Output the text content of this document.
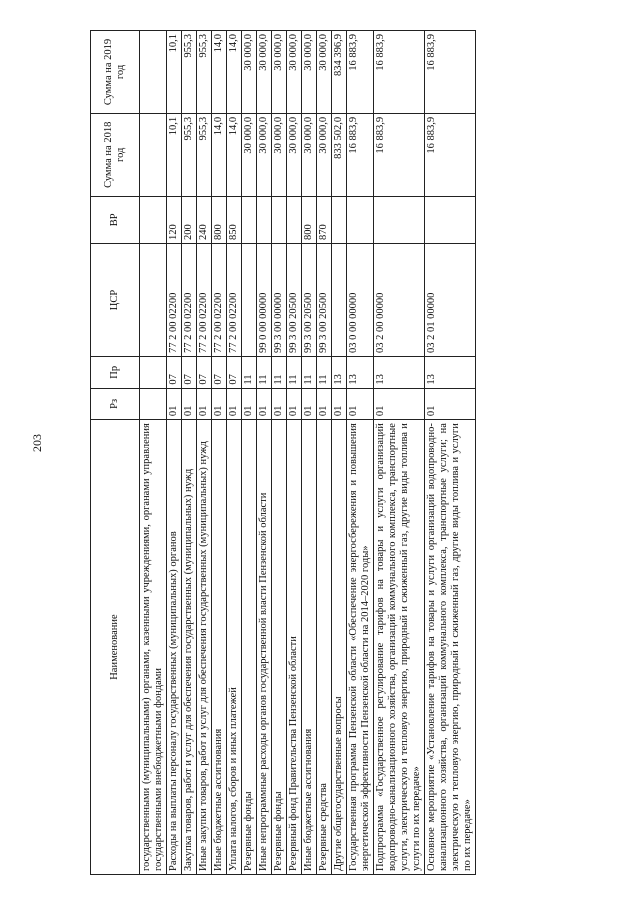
203
Наименование	Рз	Пр	ЦСР	ВР	Сумма на 2018 год	Сумма на 2019 год
государственными (муниципальными) органами, казенными учреждениями, органами управления государственными внебюджетными фондами						
Расходы на выплаты персоналу государственных (муниципальных) органов	01	07	77 2 00 02200	120	10,1	10,1
Закупка товаров, работ и услуг для обеспечения государственных (муниципальных) нужд	01	07	77 2 00 02200	200	955,3	955,3
Иные закупки товаров, работ и услуг для обеспечения государственных (муниципальных) нужд	01	07	77 2 00 02200	240	955,3	955,3
Иные бюджетные ассигнования	01	07	77 2 00 02200	800	14,0	14,0
Уплата налогов, сборов и иных платежей	01	07	77 2 00 02200	850	14,0	14,0
Резервные фонды	01	11			30 000,0	30 000,0
Иные непрограммные расходы органов государственной власти Пензенской области	01	11	99 0 00 00000		30 000,0	30 000,0
Резервные фонды	01	11	99 3 00 00000		30 000,0	30 000,0
Резервный фонд Правительства Пензенской области	01	11	99 3 00 20500		30 000,0	30 000,0
Иные бюджетные ассигнования	01	11	99 3 00 20500	800	30 000,0	30 000,0
Резервные средства	01	11	99 3 00 20500	870	30 000,0	30 000,0
Другие общегосударственные вопросы	01	13			833 502,0	834 396,9
Государственная программа Пензенской области «Обеспечение энергосбережения и повышения энергетической эффективности Пензенской области на 2014–2020 годы»	01	13	03 0 00 00000		16 883,9	16 883,9
Подпрограмма «Государственное регулирование тарифов на товары и услуги организаций водопроводно-канализационного хозяйства, организаций коммунального комплекса, транспортные услуги, электрическую и тепловую энергию, природный и сжиженный газ, другие виды топлива и услуги по их передаче»	01	13	03 2 00 00000		16 883,9	16 883,9
Основное мероприятие «Установление тарифов на товары и услуги организаций водопроводно-канализационного хозяйства, организаций коммунального комплекса, транспортные услуги; на электрическую и тепловую энергию, природный и сжиженный газ, другие виды топлива и услуги по их передаче»	01	13	03 2 01 00000		16 883,9	16 883,9
